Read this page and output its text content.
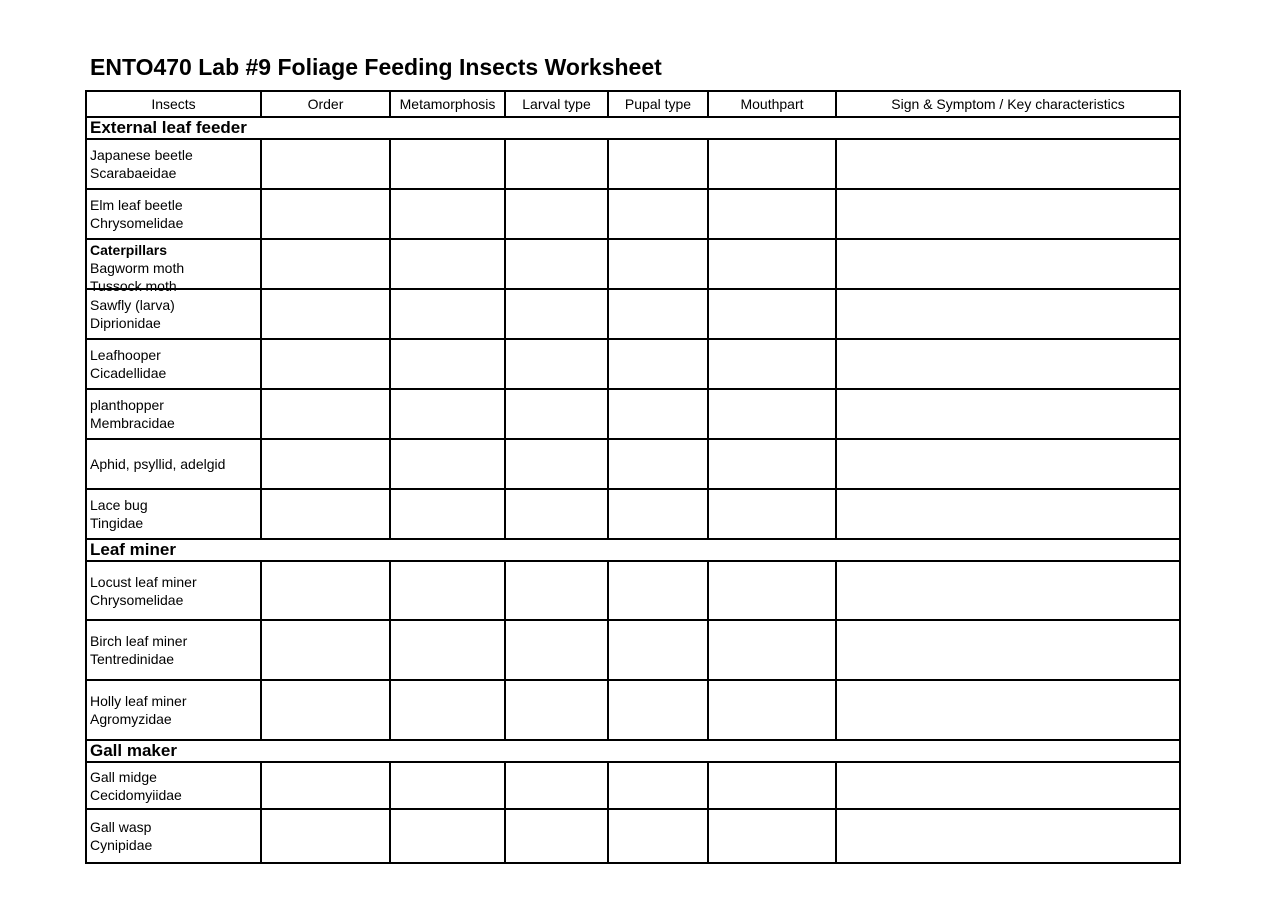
ENTO470 Lab #9 Foliage Feeding Insects Worksheet
Insects	Order	Metamorphosis	Larval type	Pupal type	Mouthpart	Sign & Symptom / Key characteristics
External leaf feeder						

Japanese beetle
Scarabaeidae						

Elm leaf beetle
Chrysomelidae						

Caterpillars
Bagworm moth
Tussock moth						

Sawfly (larva)
Diprionidae						

Leafhooper
Cicadellidae						

planthopper
Membracidae						

Aphid, psyllid, adelgid						

Lace bug
Tingidae						

Leaf miner						

Locust leaf miner
Chrysomelidae						

Birch leaf miner
Tentredinidae						

Holly leaf miner
Agromyzidae						

Gall maker						

Gall midge
Cecidomyiidae						

Gall wasp
Cynipidae						
